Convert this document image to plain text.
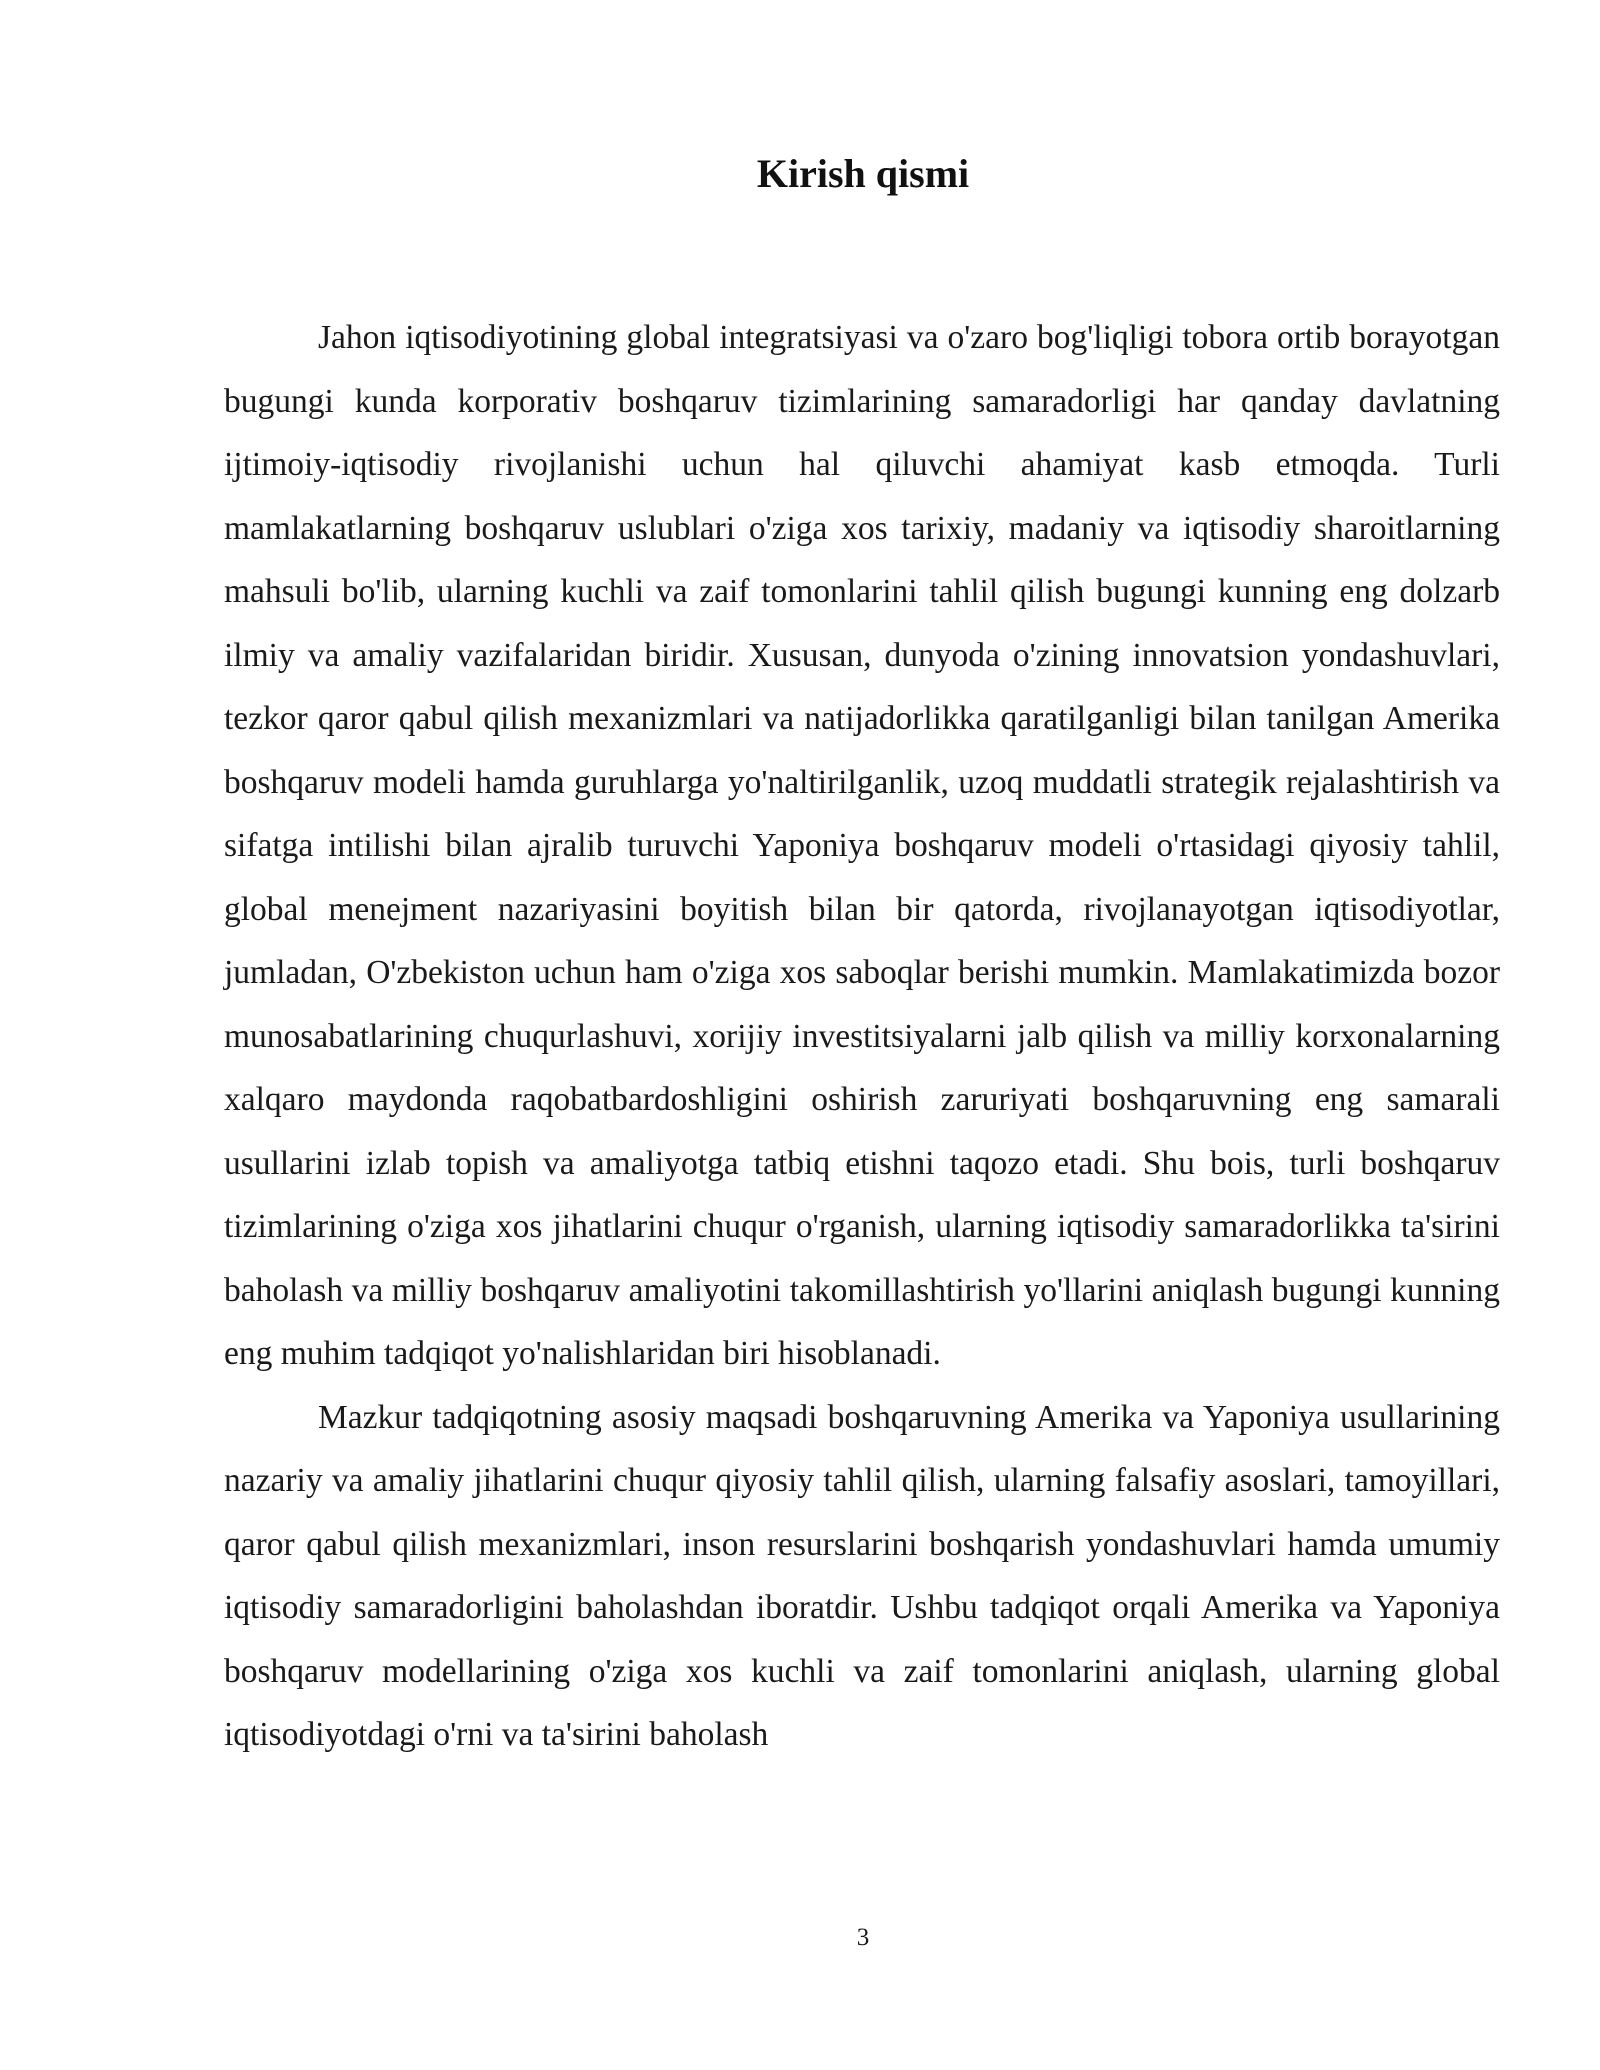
Kirish qismi

Jahon iqtisodiyotining global integratsiyasi va o'zaro bog'liqligi tobora ortib borayotgan bugungi kunda korporativ boshqaruv tizimlarining samaradorligi har qanday davlatning ijtimoiy-iqtisodiy rivojlanishi uchun hal qiluvchi ahamiyat kasb etmoqda. Turli mamlakatlarning boshqaruv uslublari o'ziga xos tarixiy, madaniy va iqtisodiy sharoitlarning mahsuli bo'lib, ularning kuchli va zaif tomonlarini tahlil qilish bugungi kunning eng dolzarb ilmiy va amaliy vazifalaridan biridir. Xususan, dunyoda o'zining innovatsion yondashuvlari, tezkor qaror qabul qilish mexanizmlari va natijadorlikka qaratilganligi bilan tanilgan Amerika boshqaruv modeli hamda guruhlarga yo'naltirilganlik, uzoq muddatli strategik rejalashtirish va sifatga intilishi bilan ajralib turuvchi Yaponiya boshqaruv modeli o'rtasidagi qiyosiy tahlil, global menejment nazariyasini boyitish bilan bir qatorda, rivojlanayotgan iqtisodiyotlar, jumladan, O'zbekiston uchun ham o'ziga xos saboqlar berishi mumkin. Mamlakatimizda bozor munosabatlarining chuqurlashuvi, xorijiy investitsiyalarni jalb qilish va milliy korxonalarning xalqaro maydonda raqobatbardoshligini oshirish zaruriyati boshqaruvning eng samarali usullarini izlab topish va amaliyotga tatbiq etishni taqozo etadi. Shu bois, turli boshqaruv tizimlarining o'ziga xos jihatlarini chuqur o'rganish, ularning iqtisodiy samaradorlikka ta'sirini baholash va milliy boshqaruv amaliyotini takomillashtirish yo'llarini aniqlash bugungi kunning eng muhim tadqiqot yo'nalishlaridan biri hisoblanadi.

Mazkur tadqiqotning asosiy maqsadi boshqaruvning Amerika va Yaponiya usullarining nazariy va amaliy jihatlarini chuqur qiyosiy tahlil qilish, ularning falsafiy asoslari, tamoyillari, qaror qabul qilish mexanizmlari, inson resurslarini boshqarish yondashuvlari hamda umumiy iqtisodiy samaradorligini baholashdan iboratdir. Ushbu tadqiqot orqali Amerika va Yaponiya boshqaruv modellarining o'ziga xos kuchli va zaif tomonlarini aniqlash, ularning global iqtisodiyotdagi o'rni va ta'sirini baholash

3
